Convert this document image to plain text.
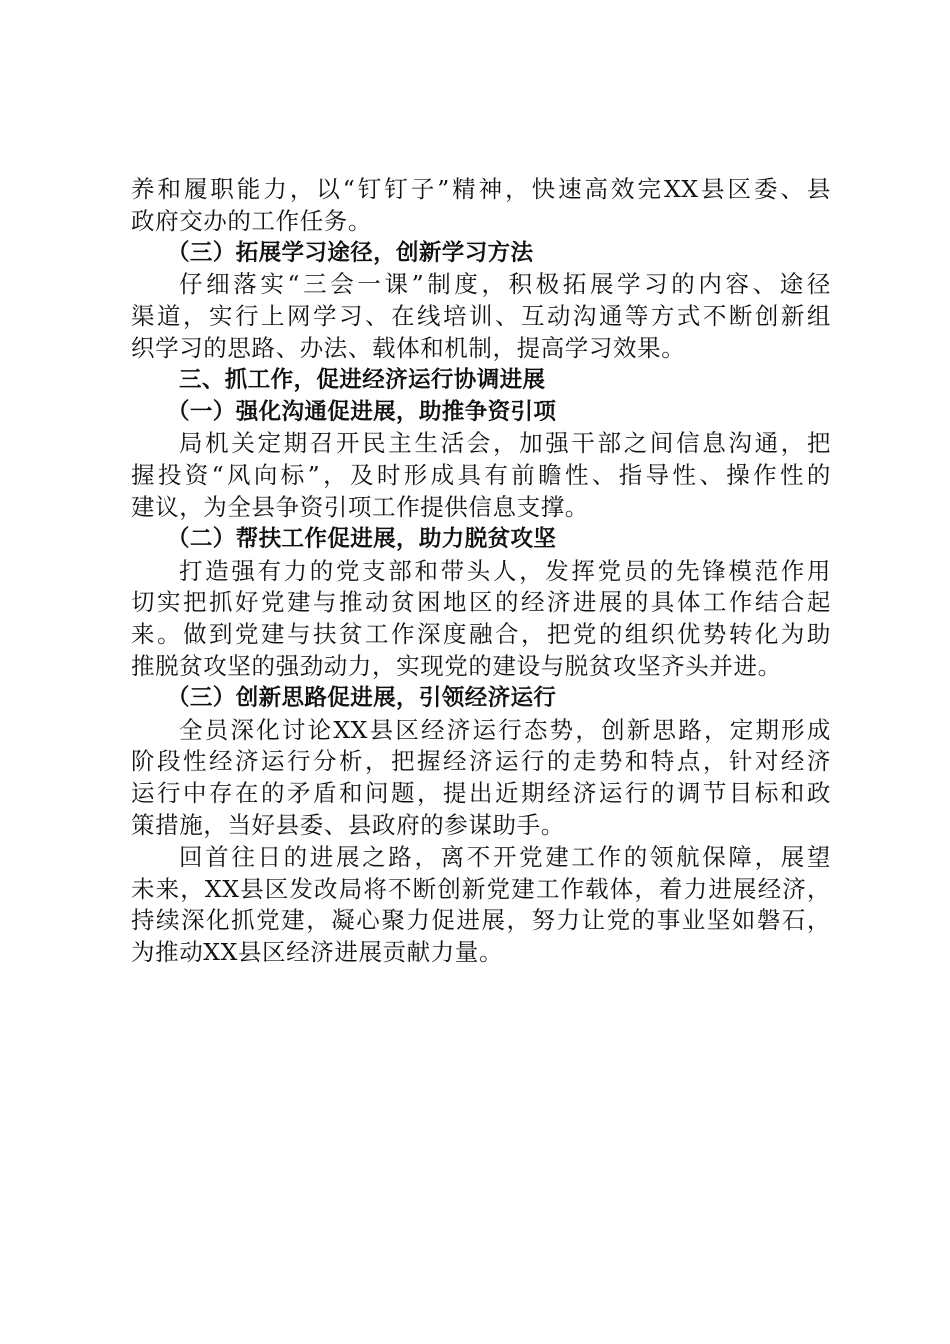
养和履职能力，以“钉钉子”精神，快速高效完XX县区委、县
政府交办的工作任务。
（三）拓展学习途径，创新学习方法
仔细落实“三会一课”制度，积极拓展学习的内容、途径
渠道，实行上网学习、在线培训、互动沟通等方式不断创新组
织学习的思路、办法、载体和机制，提高学习效果。
三、抓工作，促进经济运行协调进展
（一）强化沟通促进展，助推争资引项
局机关定期召开民主生活会，加强干部之间信息沟通，把
握投资“风向标”，及时形成具有前瞻性、指导性、操作性的
建议，为全县争资引项工作提供信息支撑。
（二）帮扶工作促进展，助力脱贫攻坚
打造强有力的党支部和带头人，发挥党员的先锋模范作用
切实把抓好党建与推动贫困地区的经济进展的具体工作结合起
来。做到党建与扶贫工作深度融合，把党的组织优势转化为助
推脱贫攻坚的强劲动力，实现党的建设与脱贫攻坚齐头并进。
（三）创新思路促进展，引领经济运行
全员深化讨论XX县区经济运行态势，创新思路，定期形成
阶段性经济运行分析，把握经济运行的走势和特点，针对经济
运行中存在的矛盾和问题，提出近期经济运行的调节目标和政
策措施，当好县委、县政府的参谋助手。
回首往日的进展之路，离不开党建工作的领航保障，展望
未来，XX县区发改局将不断创新党建工作载体，着力进展经济，
持续深化抓党建，凝心聚力促进展，努力让党的事业坚如磐石，
为推动XX县区经济进展贡献力量。
